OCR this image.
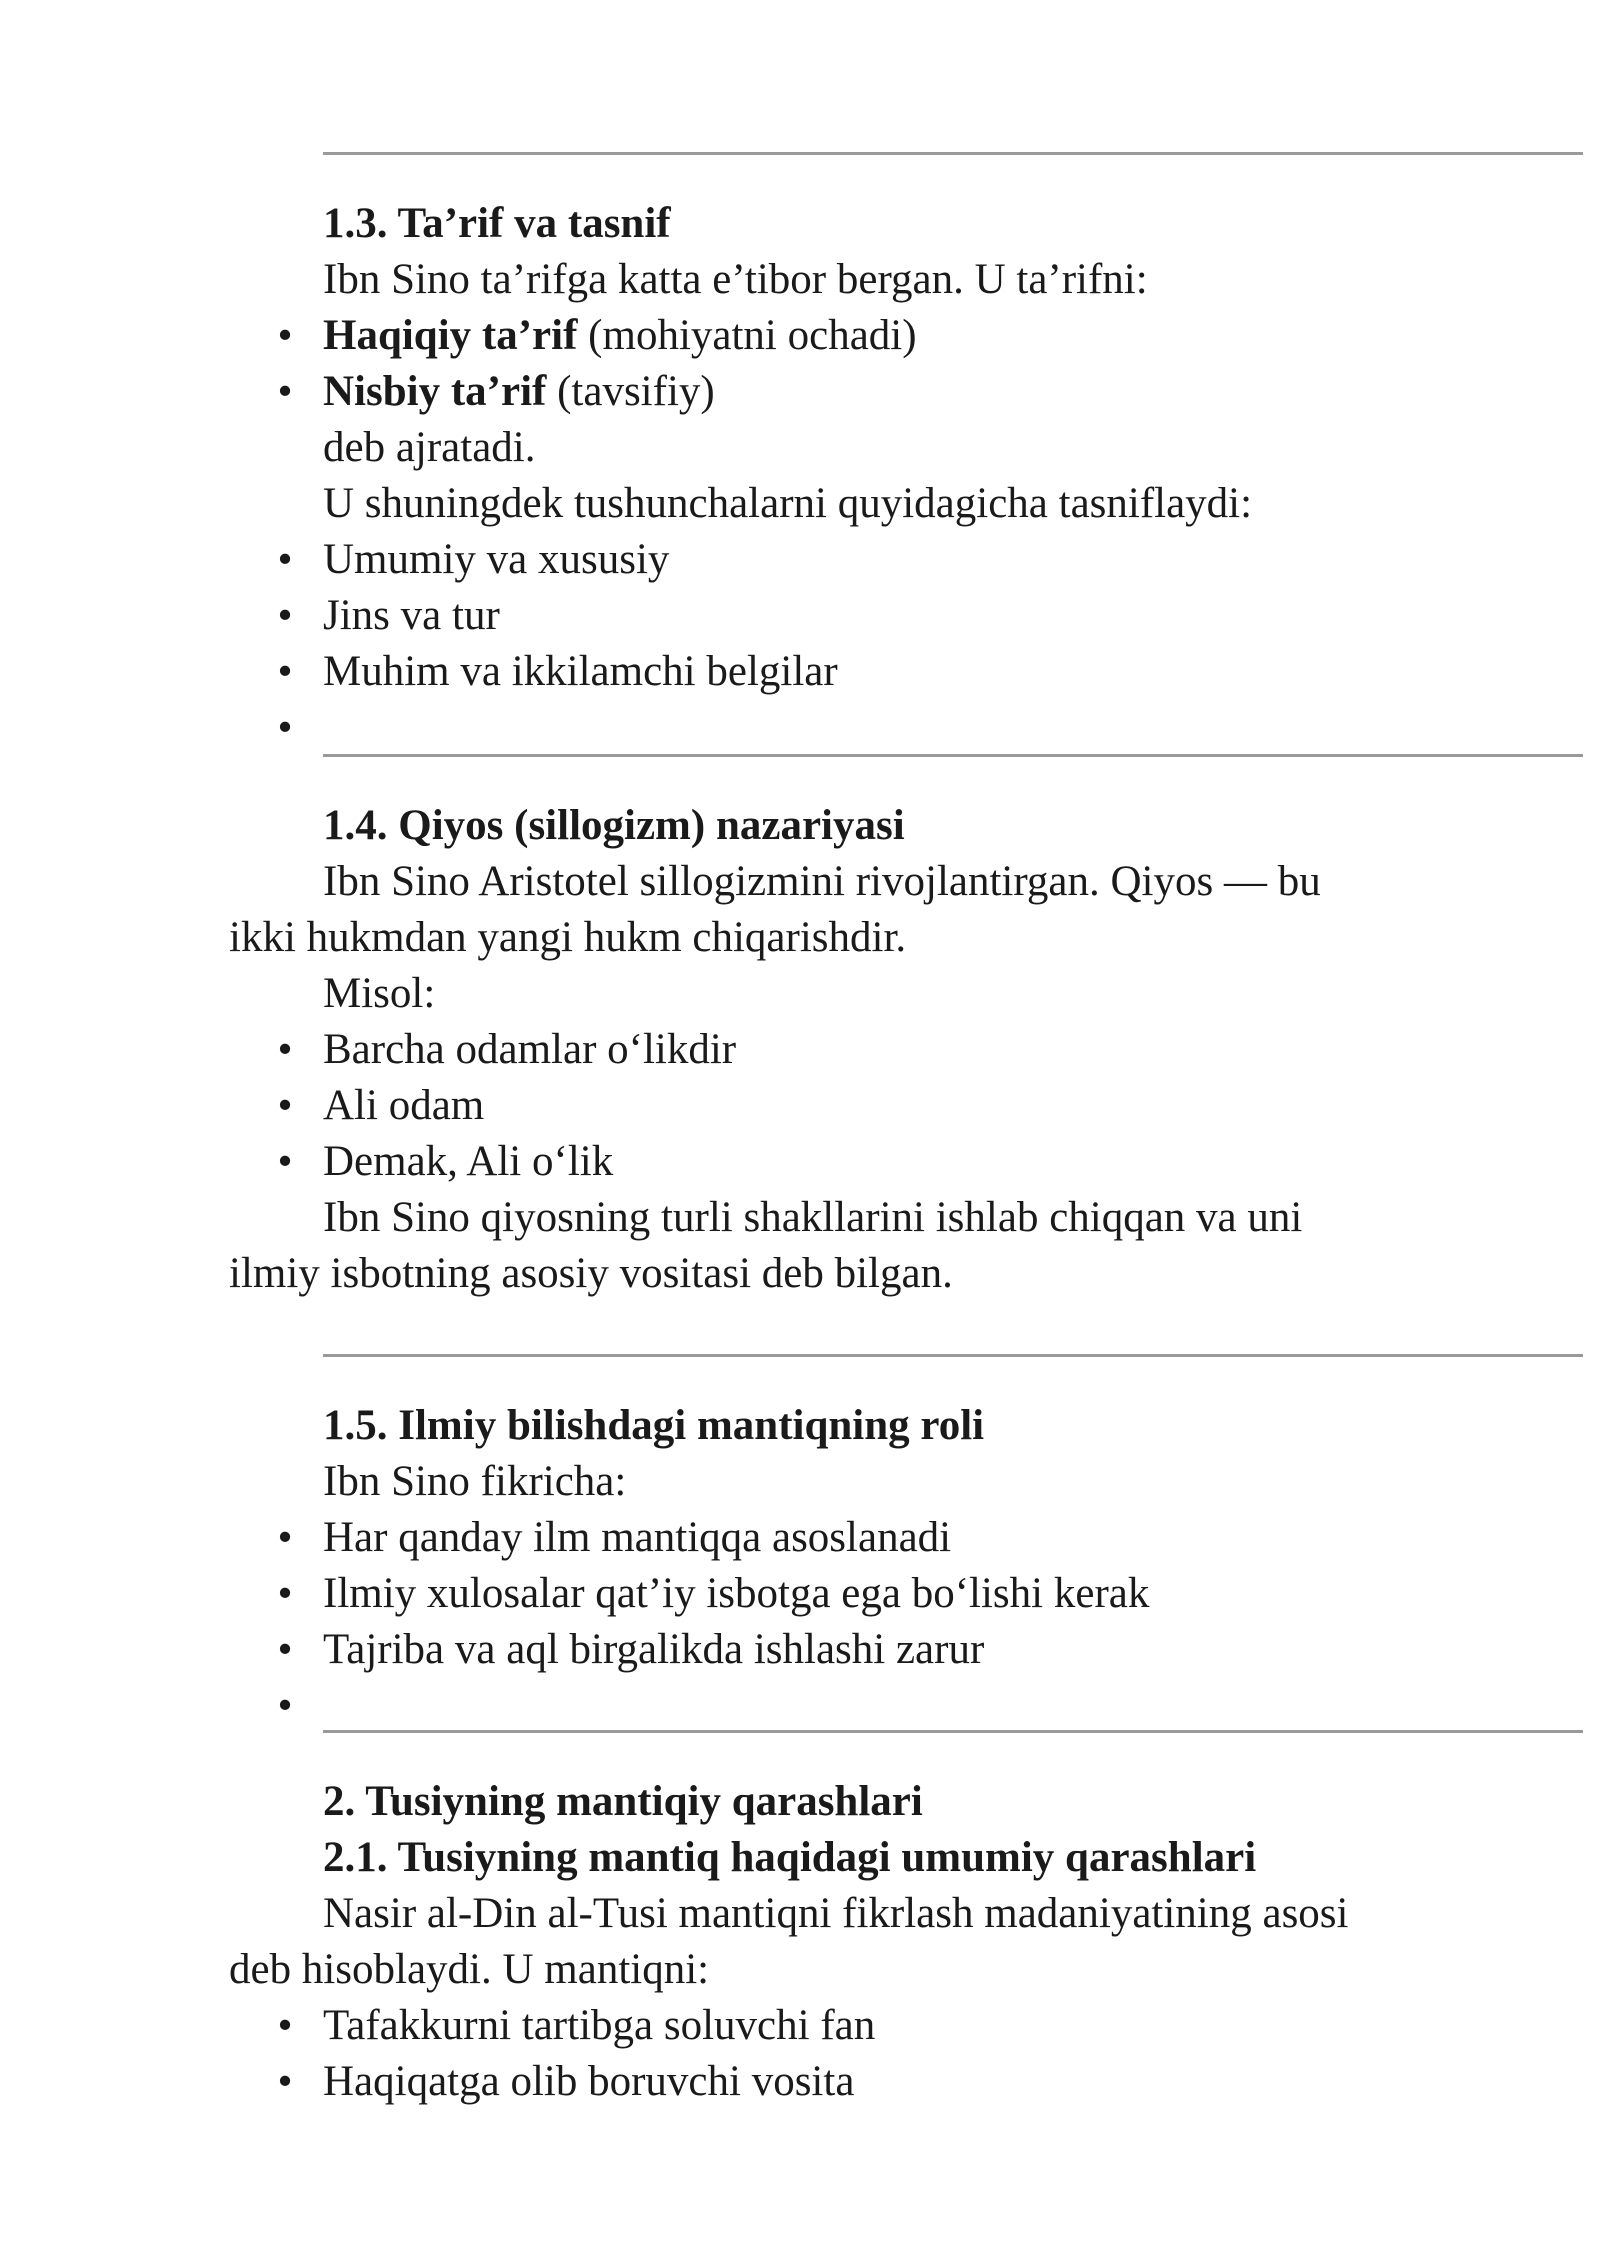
1.3. Ta’rif va tasnif
Ibn Sino ta’rifga katta e’tibor bergan. U ta’rifni:
• Haqiqiy ta’rif (mohiyatni ochadi)
• Nisbiy ta’rif (tavsifiy)
deb ajratadi.
U shuningdek tushunchalarni quyidagicha tasniflaydi:
• Umumiy va xususiy
• Jins va tur
• Muhim va ikkilamchi belgilar
•
1.4. Qiyos (sillogizm) nazariyasi
Ibn Sino Aristotel sillogizmini rivojlantirgan. Qiyos — bu
ikki hukmdan yangi hukm chiqarishdir.
Misol:
• Barcha odamlar o‘likdir
• Ali odam
• Demak, Ali o‘lik
Ibn Sino qiyosning turli shakllarini ishlab chiqqan va uni
ilmiy isbotning asosiy vositasi deb bilgan.
1.5. Ilmiy bilishdagi mantiqning roli
Ibn Sino fikricha:
• Har qanday ilm mantiqqa asoslanadi
• Ilmiy xulosalar qat’iy isbotga ega bo‘lishi kerak
• Tajriba va aql birgalikda ishlashi zarur
•
2. Tusiyning mantiqiy qarashlari
2.1. Tusiyning mantiq haqidagi umumiy qarashlari
Nasir al-Din al-Tusi mantiqni fikrlash madaniyatining asosi
deb hisoblaydi. U mantiqni:
• Tafakkurni tartibga soluvchi fan
• Haqiqatga olib boruvchi vosita
